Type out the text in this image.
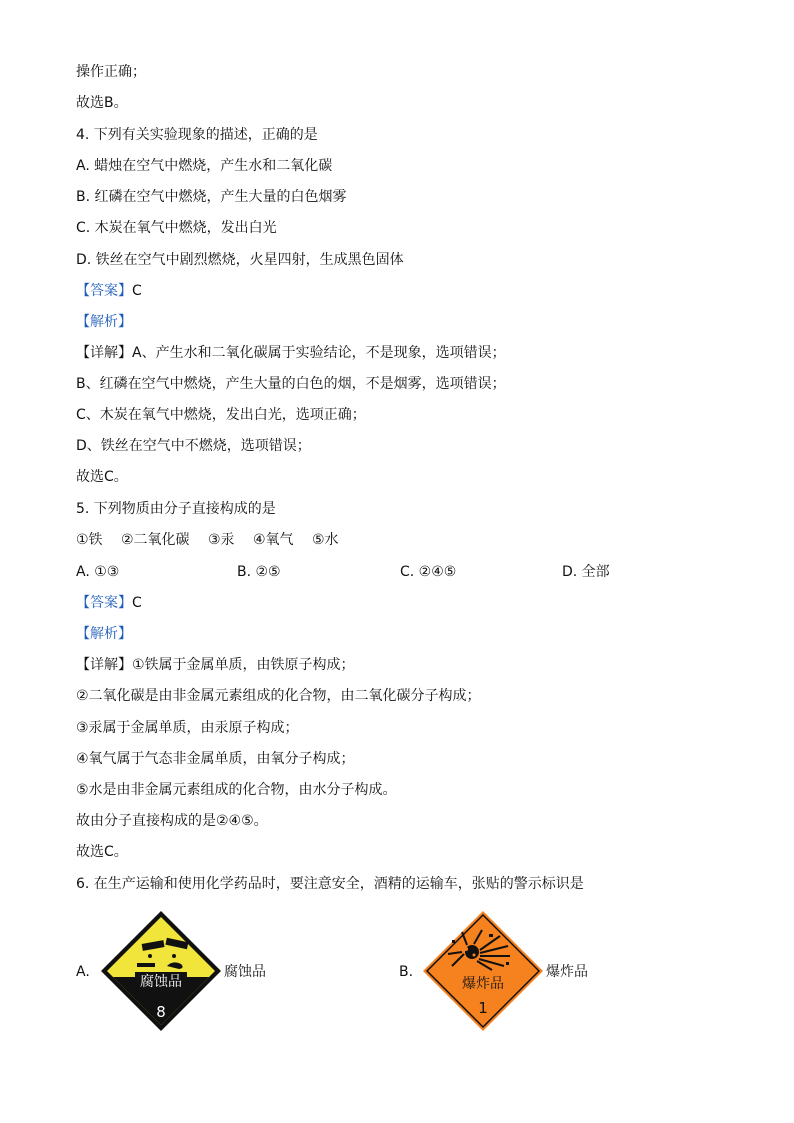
操作正确；
故选B。
4. 下列有关实验现象的描述，正确的是
A. 蜡烛在空气中燃烧，产生水和二氧化碳
B. 红磷在空气中燃烧，产生大量的白色烟雾
C. 木炭在氧气中燃烧，发出白光
D. 铁丝在空气中剧烈燃烧，火星四射，生成黑色固体
【答案】C
【解析】
【详解】A、产生水和二氧化碳属于实验结论，不是现象，选项错误；
B、红磷在空气中燃烧，产生大量的白色的烟，不是烟雾，选项错误；
C、木炭在氧气中燃烧，发出白光，选项正确；
D、铁丝在空气中不燃烧，选项错误；
故选C。
5. 下列物质由分子直接构成的是
①铁　 ②二氧化碳　 ③汞　 ④氧气　 ⑤水
A. ①③	B. ②⑤	C. ②④⑤	D. 全部
【答案】C
【解析】
【详解】①铁属于金属单质，由铁原子构成；
②二氧化碳是由非金属元素组成的化合物，由二氧化碳分子构成；
③汞属于金属单质，由汞原子构成；
④氧气属于气态非金属单质，由氧分子构成；
⑤水是由非金属元素组成的化合物，由水分子构成。
故由分子直接构成的是②④⑤。
故选C。
6. 在生产运输和使用化学药品时，要注意安全，酒精的运输车，张贴的警示标识是
A.
腐蚀品
8
腐蚀品	B.
爆炸品
1
爆炸品
